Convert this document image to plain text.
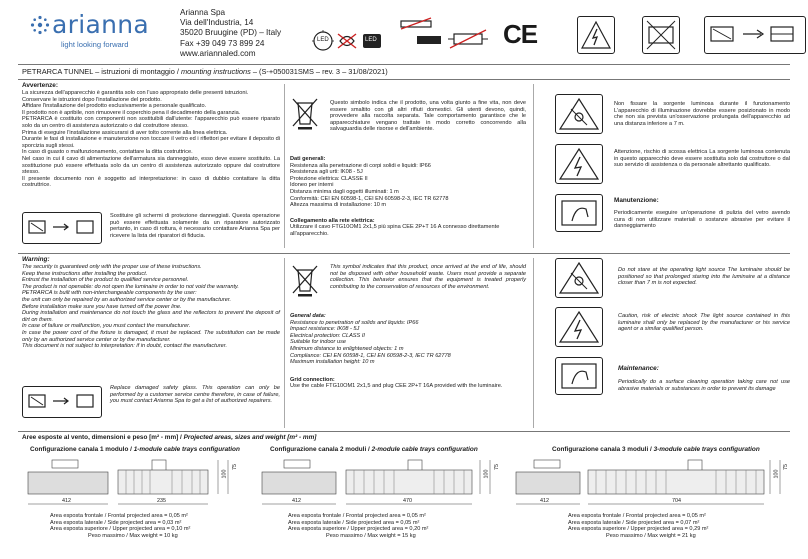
arianna
light looking forward
Arianna Spa
Via dell'Industria, 14
35020 Bruugine (PD) – Italy
Fax +39 049 73 899 24
www.ariannaled.com
LED	LED	CE
PETRARCA TUNNEL – istruzioni di montaggio / mounting instructions – (S-+050031SMS – rev. 3 – 31/08/2021)
Avvertenze:

La sicurezza dell'apparecchio è garantita solo con l'uso appropriato delle presenti istruzioni.

Conservare le istruzioni dopo l'installazione del prodotto.

Affidare l'installazione del prodotto esclusivamente a personale qualificato.

Il prodotto non è apribile, non rimuovere il coperchio pena il decadimento della garanzia.

PETRARCA è costituito con componenti non sostituibili dall'utente: l'apparecchio può essere riparato solo da un centro di assistenza autorizzato o dal costruttore stesso.

Prima di eseguire l'installazione assicurarsi di aver tolto corrente alla linea elettrica.

Durante le fasi di installazione e manutenzione non toccare il vetro ed i riflettori per evitare il deposito di sporcizia sugli stessi.

In caso di guasto o malfunzionamento, contattare la ditta costruttrice.

Nel caso in cui il cavo di alimentazione dell'armatura sia danneggiato, esso deve essere sostituito. La sostituzione può essere effettuata solo da un centro di assistenza autorizzato oppure dal costruttore stesso.

Il presente documento non è soggetto ad interpretazione: in caso di dubbio contattare la ditta costruttrice.

Sostituire gli schermi di protezione danneggiati. Questa operazione può essere effettuata solamente da un riparatore autorizzato pertanto, in caso di rottura, è necessario contattare Arianna Spa per ricevere la lista dei riparatori di fiducia.
Questo simbolo indica che il prodotto, una volta giunto a fine vita, non deve essere smaltito con gli altri rifiuti domestici. Gli utenti devono, quindi, provvedere alla raccolta separata. Tale comportamento garantisce che le apparecchiature vengano trattate in modo corretto concorrendo alla salvaguardia delle risorse e dell'ambiente.
Dati generali:
Resistenza alla penetrazione di corpi solidi e liquidi: IP66
Resistenza agli urti: IK08 - 5J
Protezione elettrica: CLASSE II
Idoneo per interni
Distanza minima dagli oggetti illuminati: 1 m
Conformità: CEI EN 60598-1, CEI EN 60598-2-3, IEC TR 62778
Altezza massima di installazione: 10 m
Collegamento alla rete elettrica:
Utilizzare il cavo FTG10OM1 2x1,5 più spina CEE 2P+T 16 A connesso direttamente all'apparecchio.
Non fissare la sorgente luminosa durante il funzionamento L'apparecchio di illuminazione dovrebbe essere posizionato in modo che non sia prevista un'osservazione prolungata dell'apparecchio ad una distanza inferiore a 7 m.
Attenzione, rischio di scossa elettrica La sorgente luminosa contenuta in questo apparecchio deve essere sostituita solo dal costruttore o dal suo servizio di assistenza o da personale altrettanto qualificato.
Manutenzione:
Periodicamente eseguire un'operazione di pulizia del vetro avendo cura di non utilizzare materiali o sostanze abrasive per evitare il danneggiamento
Warning:

The security is guaranteed only with the proper use of these instructions.

Keep these instructions after installing the product.

Entrust the installation of the product to qualified service personnel.

The product is not openable: do not open the luminaire in order to not void the warranty.

PETRARCA is built with non-interchangeable components by the user:

the unit can only be repaired by an authorized service center or by the manufacturer.

Before installation make sure you have turned off the power line.

During installation and maintenance do not touch the glass and the reflectors to prevent the deposit of dirt on them.

In case of failure or malfunction, you must contact the manufacturer.

In case the power cord of the fixture is damaged, it must be replaced. The substitution can be made only by an authorized service center or by the manufacturer.

This document is not subject to interpretation: if in doubt, contact the manufacturer.

Replace damaged safety glass. This operation can only be performed by a customer service centre therefore, in case of failure, you must contact Arianna Spa to get a list of authorized repairers.
This symbol indicates that this product, once arrived at the end of life, should not be disposed with other household waste. Users must provide a separate collection. This behavior ensures that the equipment is treated properly contributing to the conservation of resources of the environment.
General data:
Resistance to penetration of solids and liquids: IP66
Impact resistance: IK08 - 5J
Electrical protection: CLASS II
Suitable for indoor use
Minimum distance to enlightened objects: 1 m
Compliance: CEI EN 60598-1, CEI EN 60598-2-3, IEC TR 62778
Maximum installation height: 10 m
Grid connection:
Use the cable FTG10OM1 2x1,5 and plug CEE 2P+T 16A provided with the luminaire.
Do not stare at the operating light source The luminaire should be positioned so that prolonged staring into the luminaire at a distance closer than 7 m is not expected.
Caution, risk of electric shock The light source contained in this luminaire shall only be replaced by the manufacturer or his service agent or a similar qualified person.
Maintenance:
Periodically do a surface cleaning operation taking care not use abrasive materials or substances in order to prevent its damage
Aree esposte al vento, dimensioni e peso [m² - mm] / Projected areas, sizes and weight [m² - mm]
Configurazione canala 1 modulo / 1-module cable trays configuration
412	235
75
100
Area esposta frontale / Frontal projected area = 0,05 m²
Area esposta laterale / Side projected area = 0,03 m²
Area esposta superiore / Upper projected area = 0,10 m²
Peso massimo / Max weight = 10 kg
Configurazione canala 2 moduli / 2-module cable trays configuration
412	470
75
100
Area esposta frontale / Frontal projected area = 0,05 m²
Area esposta laterale / Side projected area = 0,05 m²
Area esposta superiore / Upper projected area = 0,20 m²
Peso massimo / Max weight = 15 kg
Configurazione canala 3 moduli / 3-module cable trays configuration
412	704
75
100
Area esposta frontale / Frontal projected area = 0,05 m²
Area esposta laterale / Side projected area = 0,07 m²
Area esposta superiore / Upper projected area = 0,29 m²
Peso massimo / Max weight = 21 kg
